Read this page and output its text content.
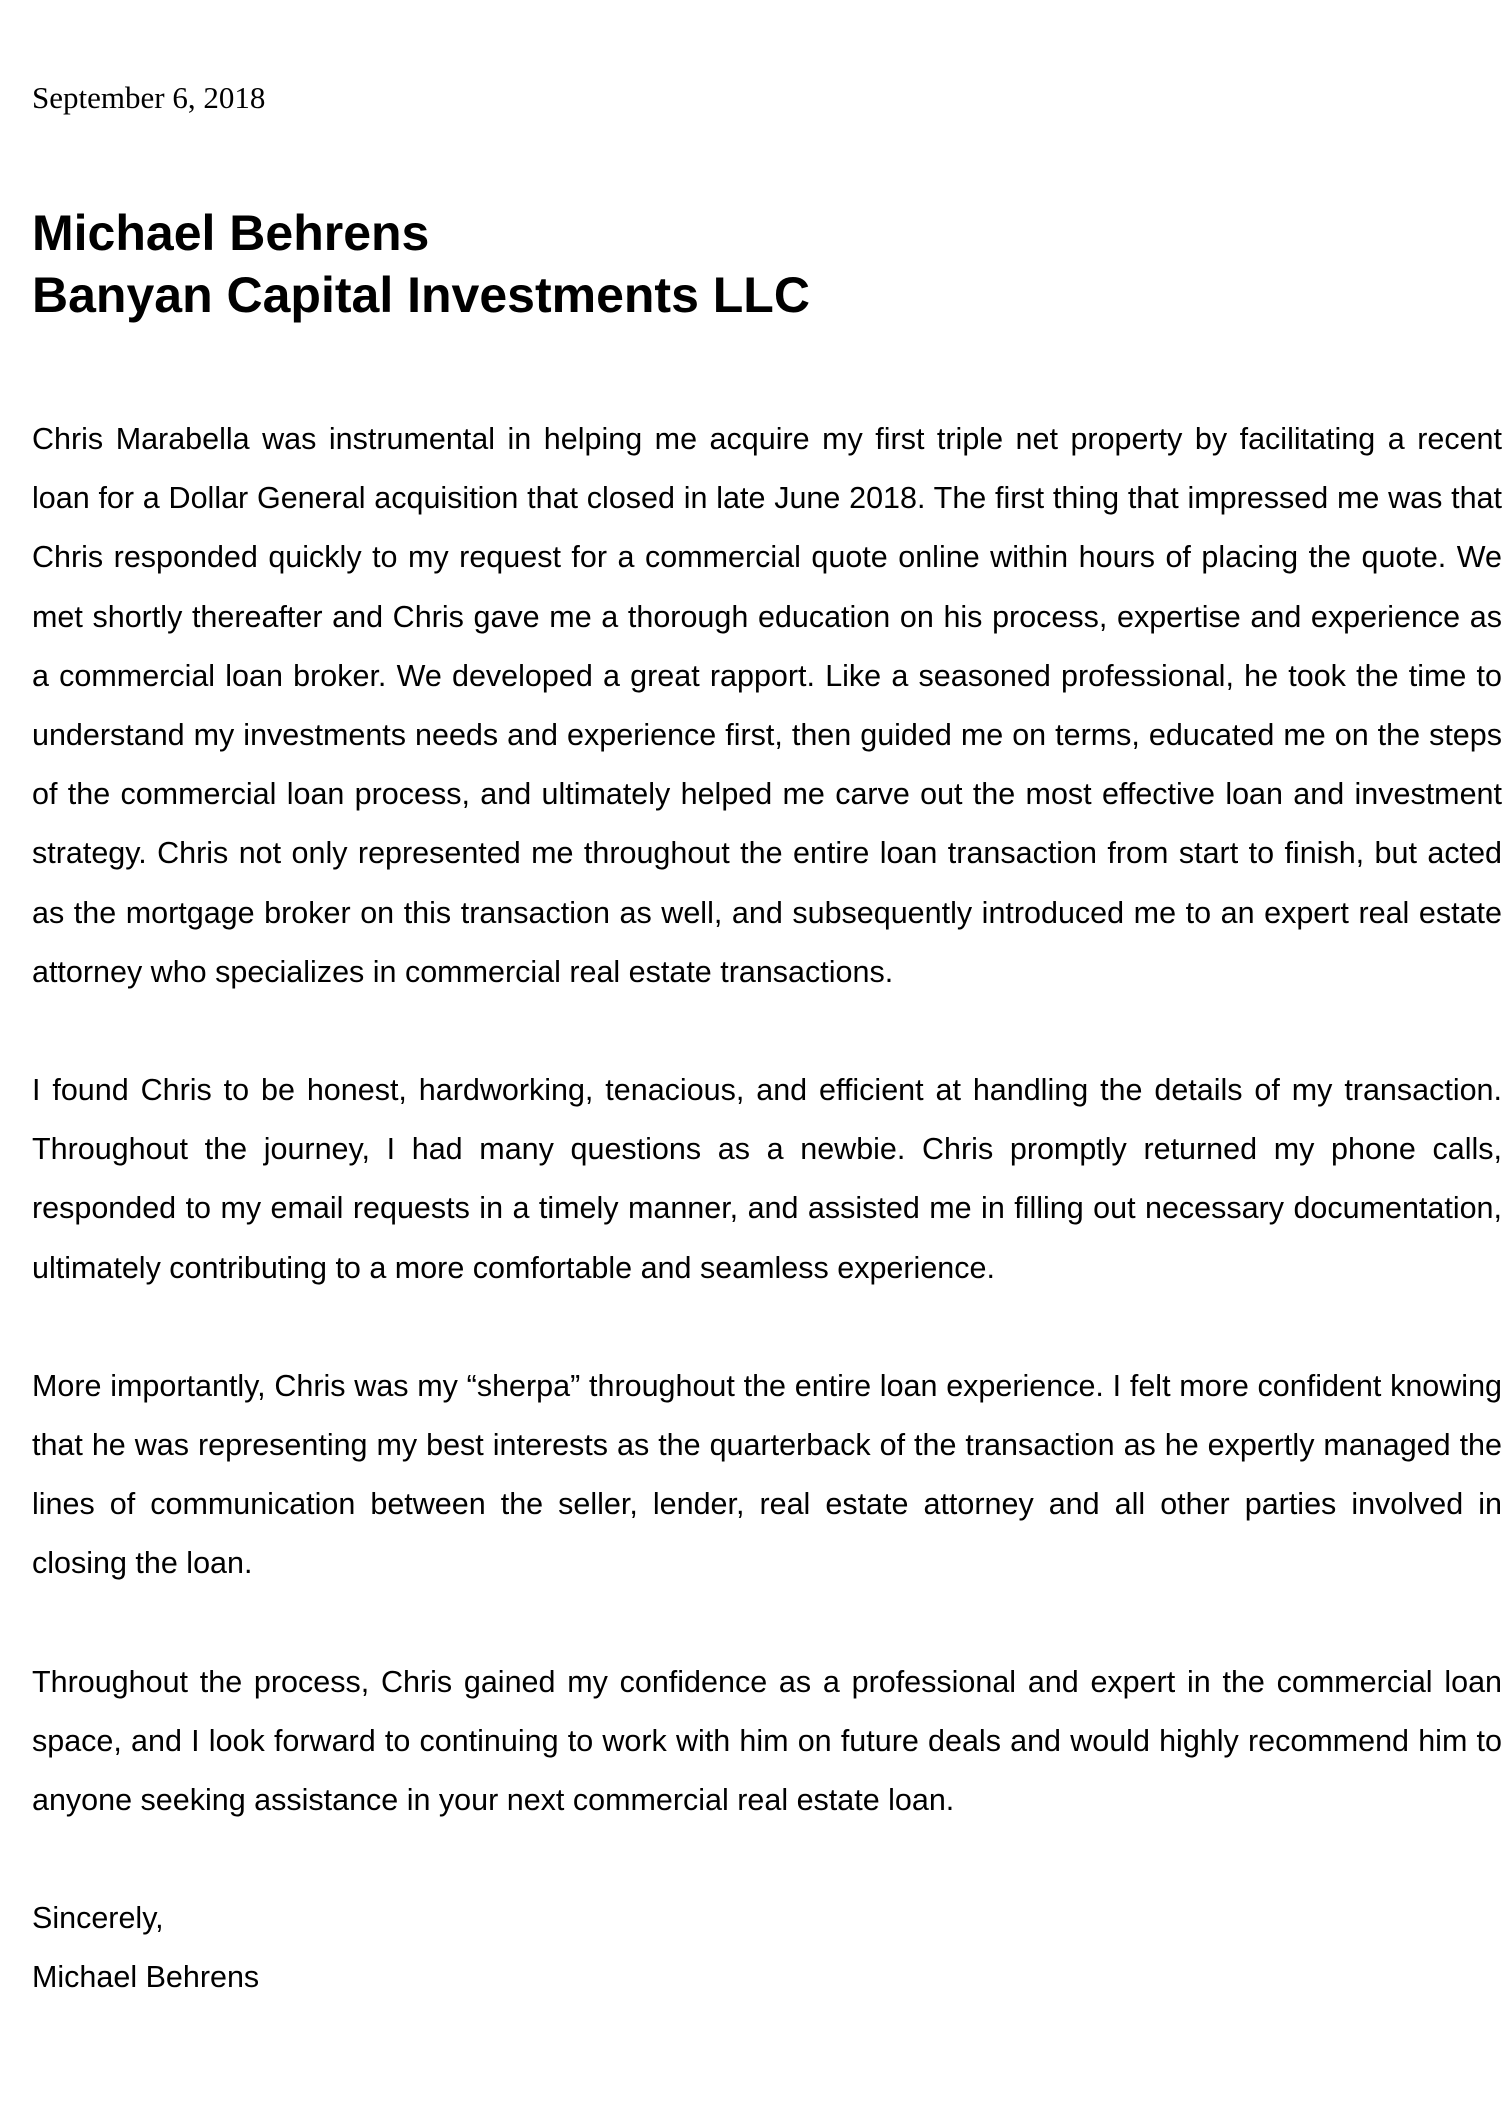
September 6, 2018

Michael Behrens
Banyan Capital Investments LLC

Chris Marabella was instrumental in helping me acquire my first triple net property by facilitating a recent loan for a Dollar General acquisition that closed in late June 2018. The first thing that impressed me was that Chris responded quickly to my request for a commercial quote online within hours of placing the quote. We met shortly thereafter and Chris gave me a thorough education on his process, expertise and experience as a commercial loan broker. We developed a great rapport. Like a seasoned professional, he took the time to understand my investments needs and experience first, then guided me on terms, educated me on the steps of the commercial loan process, and ultimately helped me carve out the most effective loan and investment strategy. Chris not only represented me throughout the entire loan transaction from start to finish, but acted as the mortgage broker on this transaction as well, and subsequently introduced me to an expert real estate attorney who specializes in commercial real estate transactions.

I found Chris to be honest, hardworking, tenacious, and efficient at handling the details of my transaction. Throughout the journey, I had many questions as a newbie. Chris promptly returned my phone calls, responded to my email requests in a timely manner, and assisted me in filling out necessary documentation, ultimately contributing to a more comfortable and seamless experience.

More importantly, Chris was my “sherpa” throughout the entire loan experience. I felt more confident knowing that he was representing my best interests as the quarterback of the transaction as he expertly managed the lines of communication between the seller, lender, real estate attorney and all other parties involved in closing the loan.

Throughout the process, Chris gained my confidence as a professional and expert in the commercial loan space, and I look forward to continuing to work with him on future deals and would highly recommend him to anyone seeking assistance in your next commercial real estate loan.

Sincerely,
Michael Behrens
